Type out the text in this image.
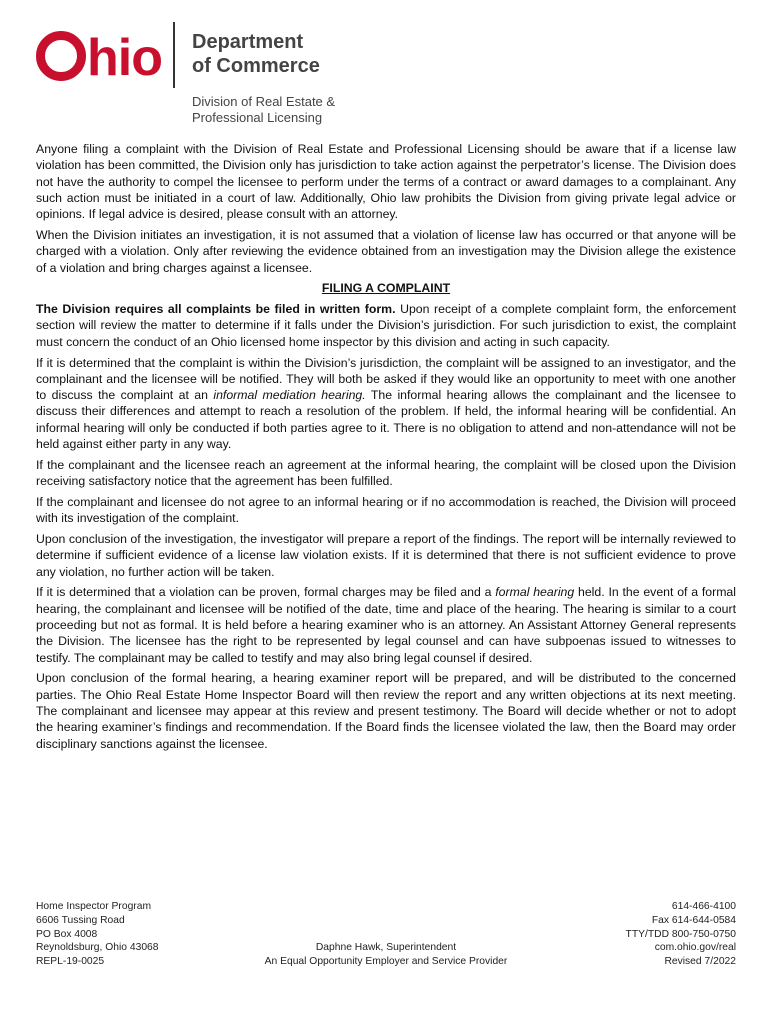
hio Department
of Commerce
Division of Real Estate &
Professional Licensing

Anyone filing a complaint with the Division of Real Estate and Professional Licensing should be aware that if a license law violation has been committed, the Division only has jurisdiction to take action against the perpetrator’s license. The Division does not have the authority to compel the licensee to perform under the terms of a contract or award damages to a complainant. Any such action must be initiated in a court of law. Additionally, Ohio law prohibits the Division from giving private legal advice or opinions. If legal advice is desired, please consult with an attorney.

When the Division initiates an investigation, it is not assumed that a violation of license law has occurred or that anyone will be charged with a violation. Only after reviewing the evidence obtained from an investigation may the Division allege the existence of a violation and bring charges against a licensee.

FILING A COMPLAINT

The Division requires all complaints be filed in written form. Upon receipt of a complete complaint form, the enforcement section will review the matter to determine if it falls under the Division’s jurisdiction. For such jurisdiction to exist, the complaint must concern the conduct of an Ohio licensed home inspector by this division and acting in such capacity.

If it is determined that the complaint is within the Division’s jurisdiction, the complaint will be assigned to an investigator, and the complainant and the licensee will be notified. They will both be asked if they would like an opportunity to meet with one another to discuss the complaint at an informal mediation hearing. The informal hearing allows the complainant and the licensee to discuss their differences and attempt to reach a resolution of the problem. If held, the informal hearing will be confidential. An informal hearing will only be conducted if both parties agree to it. There is no obligation to attend and non-attendance will not be held against either party in any way.

If the complainant and the licensee reach an agreement at the informal hearing, the complaint will be closed upon the Division receiving satisfactory notice that the agreement has been fulfilled.

If the complainant and licensee do not agree to an informal hearing or if no accommodation is reached, the Division will proceed with its investigation of the complaint.

Upon conclusion of the investigation, the investigator will prepare a report of the findings. The report will be internally reviewed to determine if sufficient evidence of a license law violation exists. If it is determined that there is not sufficient evidence to prove any violation, no further action will be taken.

If it is determined that a violation can be proven, formal charges may be filed and a formal hearing held. In the event of a formal hearing, the complainant and licensee will be notified of the date, time and place of the hearing. The hearing is similar to a court proceeding but not as formal. It is held before a hearing examiner who is an attorney. An Assistant Attorney General represents the Division. The licensee has the right to be represented by legal counsel and can have subpoenas issued to witnesses to testify. The complainant may be called to testify and may also bring legal counsel if desired.

Upon conclusion of the formal hearing, a hearing examiner report will be prepared, and will be distributed to the concerned parties. The Ohio Real Estate Home Inspector Board will then review the report and any written objections at its next meeting. The complainant and licensee may appear at this review and present testimony. The Board will decide whether or not to adopt the hearing examiner’s findings and recommendation. If the Board finds the licensee violated the law, then the Board may order disciplinary sanctions against the licensee.

Home Inspector Program
6606 Tussing Road
PO Box 4008
Reynoldsburg, Ohio 43068
REPL-19-0025
Daphne Hawk, Superintendent
An Equal Opportunity Employer and Service Provider
614-466-4100
Fax 614-644-0584
TTY/TDD 800-750-0750
com.ohio.gov/real
Revised 7/2022
